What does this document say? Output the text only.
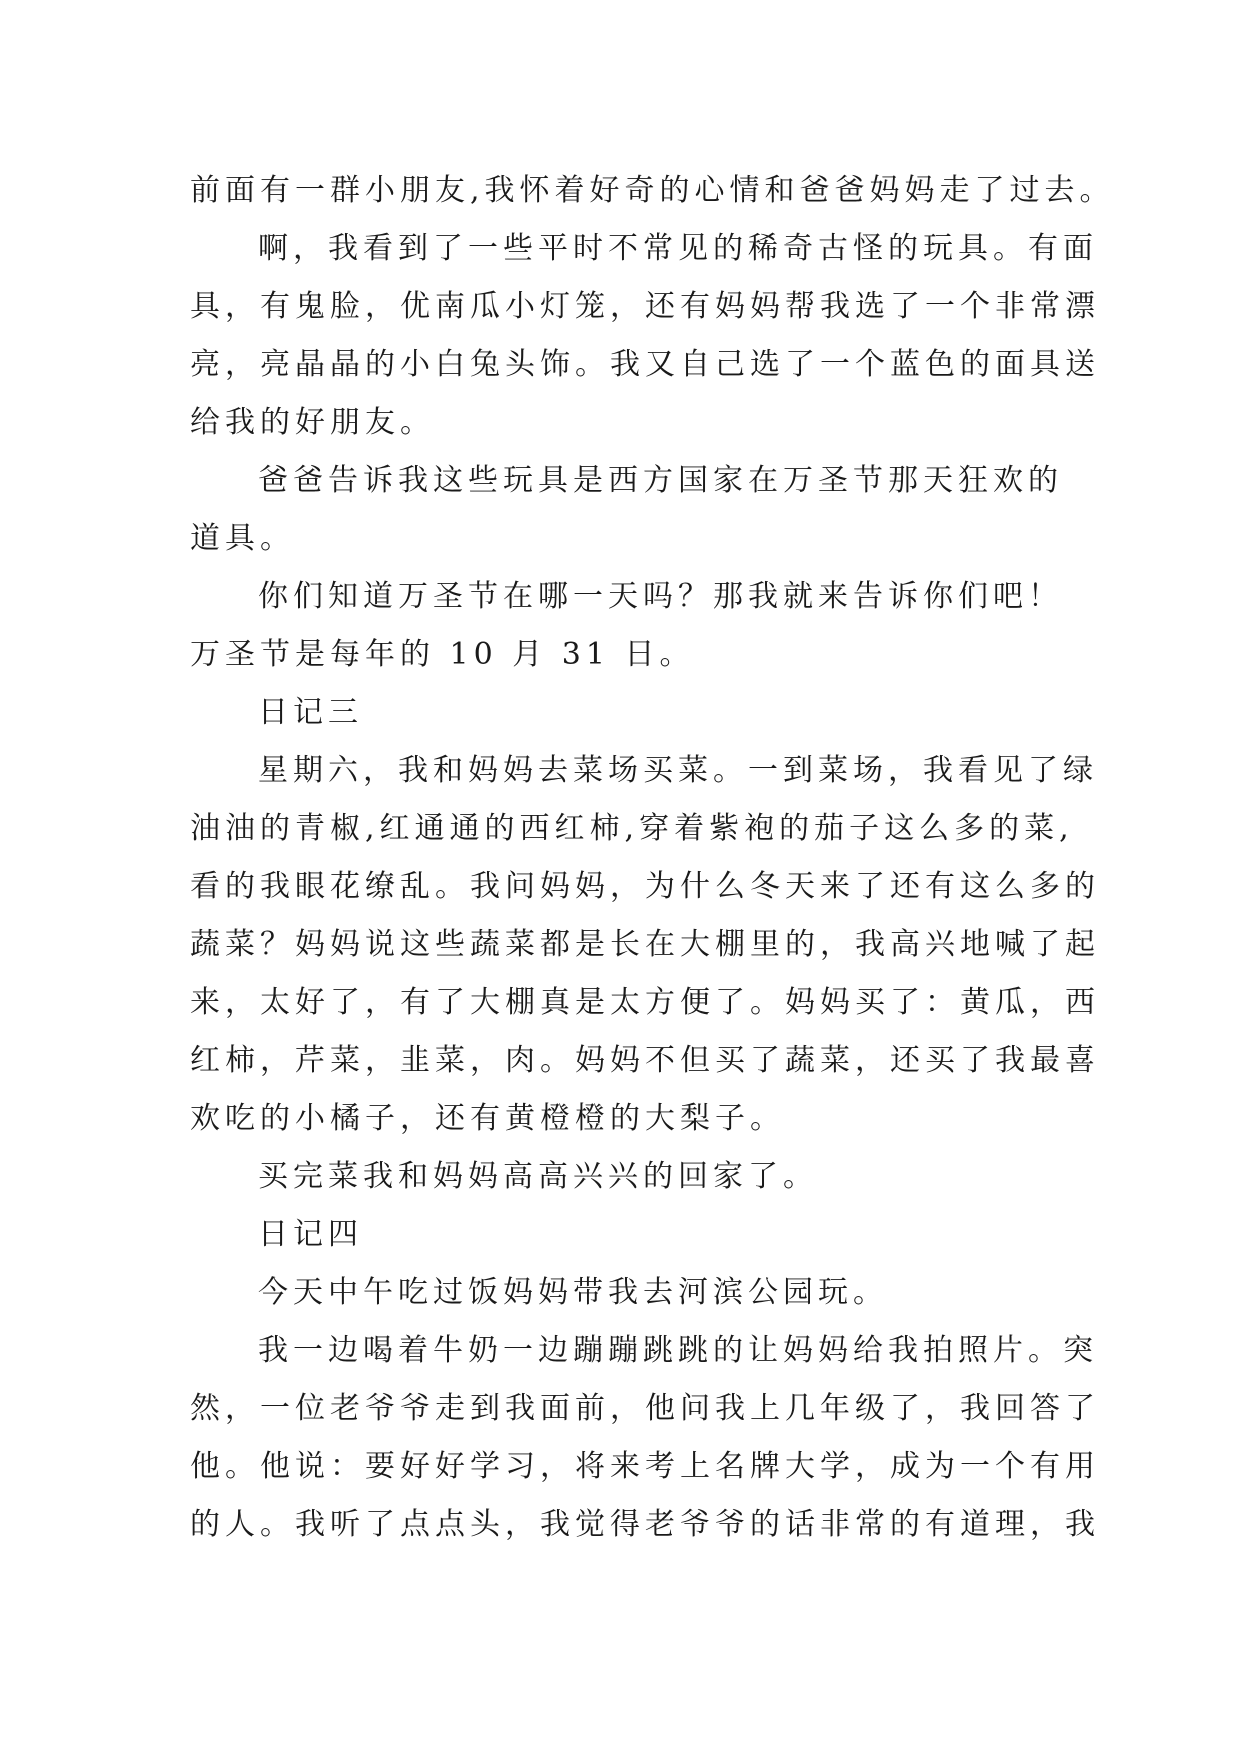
前面有一群小朋友,我怀着好奇的心情和爸爸妈妈走了过去。
啊，我看到了一些平时不常见的稀奇古怪的玩具。有面
具，有鬼脸，优南瓜小灯笼，还有妈妈帮我选了一个非常漂
亮，亮晶晶的小白兔头饰。我又自己选了一个蓝色的面具送
给我的好朋友。
爸爸告诉我这些玩具是西方国家在万圣节那天狂欢的
道具。
你们知道万圣节在哪一天吗？那我就来告诉你们吧！
万圣节是每年的 10 月 31 日。
日记三
星期六，我和妈妈去菜场买菜。一到菜场，我看见了绿
油油的青椒,红通通的西红柿,穿着紫袍的茄子这么多的菜,
看的我眼花缭乱。我问妈妈，为什么冬天来了还有这么多的
蔬菜？妈妈说这些蔬菜都是长在大棚里的，我高兴地喊了起
来，太好了，有了大棚真是太方便了。妈妈买了：黄瓜，西
红柿，芹菜，韭菜，肉。妈妈不但买了蔬菜，还买了我最喜
欢吃的小橘子，还有黄橙橙的大梨子。
买完菜我和妈妈高高兴兴的回家了。
日记四
今天中午吃过饭妈妈带我去河滨公园玩。
我一边喝着牛奶一边蹦蹦跳跳的让妈妈给我拍照片。突
然，一位老爷爷走到我面前，他问我上几年级了，我回答了
他。他说：要好好学习，将来考上名牌大学，成为一个有用
的人。我听了点点头，我觉得老爷爷的话非常的有道理，我
